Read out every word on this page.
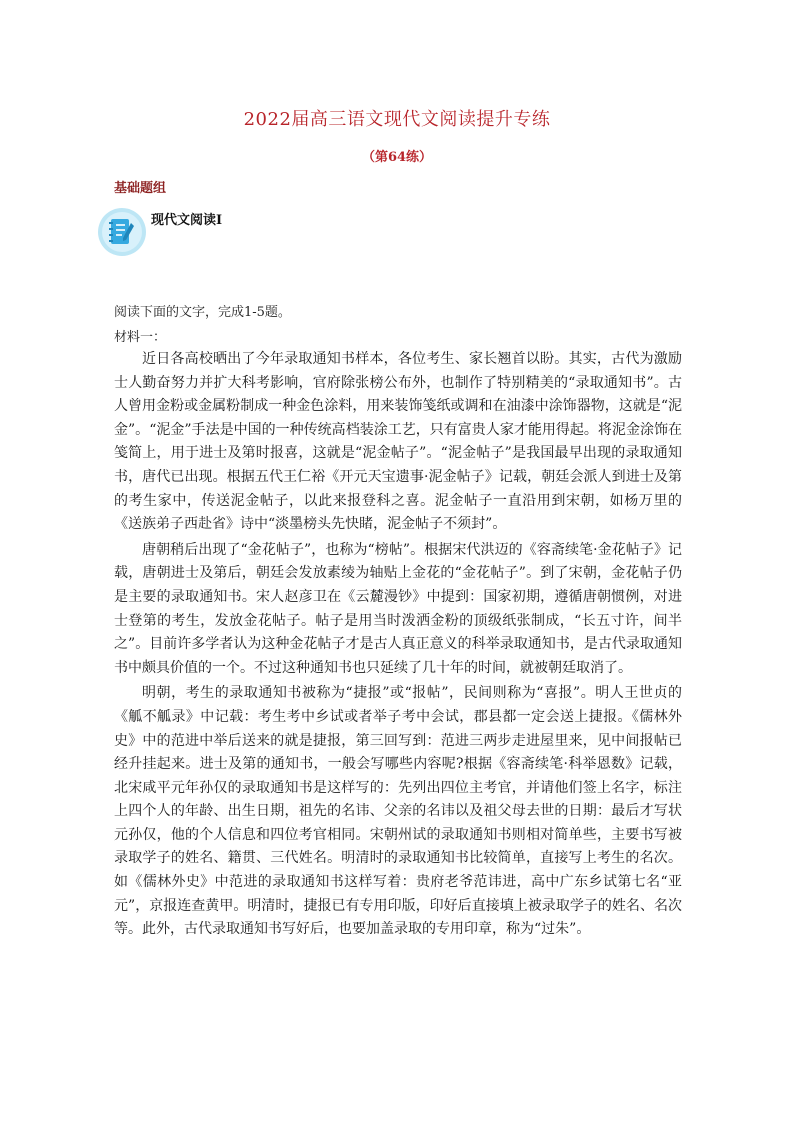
2022届高三语文现代文阅读提升专练
（第64练）
基础题组
现代文阅读Ⅰ
阅读下面的文字，完成1-5题。
材料一：

近日各高校晒出了今年录取通知书样本，各位考生、家长翘首以盼。其实，古代为激励士人勤奋努力并扩大科考影响，官府除张榜公布外，也制作了特别精美的“录取通知书”。古人曾用金粉或金属粉制成一种金色涂料，用来装饰笺纸或调和在油漆中涂饰器物，这就是“泥金”。“泥金”手法是中国的一种传统高档装涂工艺，只有富贵人家才能用得起。将泥金涂饰在笺简上，用于进士及第时报喜，这就是“泥金帖子”。“泥金帖子”是我国最早出现的录取通知书，唐代已出现。根据五代王仁裕《开元天宝遗事·泥金帖子》记载，朝廷会派人到进士及第的考生家中，传送泥金帖子，以此来报登科之喜。泥金帖子一直沿用到宋朝，如杨万里的《送族弟子西赴省》诗中“淡墨榜头先快睹，泥金帖子不须封”。

唐朝稍后出现了“金花帖子”，也称为“榜帖”。根据宋代洪迈的《容斋续笔·金花帖子》记载，唐朝进士及第后，朝廷会发放素绫为轴贴上金花的“金花帖子”。到了宋朝，金花帖子仍是主要的录取通知书。宋人赵彦卫在《云麓漫钞》中提到：国家初期，遵循唐朝惯例，对进士登第的考生，发放金花帖子。帖子是用当时泼洒金粉的顶级纸张制成，“长五寸许，间半之”。目前许多学者认为这种金花帖子才是古人真正意义的科举录取通知书，是古代录取通知书中颇具价值的一个。不过这种通知书也只延续了几十年的时间，就被朝廷取消了。

明朝，考生的录取通知书被称为“捷报”或“报帖”，民间则称为“喜报”。明人王世贞的《觚不觚录》中记载：考生考中乡试或者举子考中会试，郡县都一定会送上捷报。《儒林外史》中的范进中举后送来的就是捷报，第三回写到：范进三两步走进屋里来，见中间报帖已经升挂起来。进士及第的通知书，一般会写哪些内容呢?根据《容斋续笔·科举恩数》记载，北宋咸平元年孙仅的录取通知书是这样写的：先列出四位主考官，并请他们签上名字，标注上四个人的年龄、出生日期，祖先的名讳、父亲的名讳以及祖父母去世的日期：最后才写状元孙仅，他的个人信息和四位考官相同。宋朝州试的录取通知书则相对简单些，主要书写被录取学子的姓名、籍贯、三代姓名。明清时的录取通知书比较简单，直接写上考生的名次。如《儒林外史》中范进的录取通知书这样写着：贵府老爷范讳进，高中广东乡试第七名“亚元”，京报连查黄甲。明清时，捷报已有专用印版，印好后直接填上被录取学子的姓名、名次等。此外，古代录取通知书写好后，也要加盖录取的专用印章，称为“过朱”。
